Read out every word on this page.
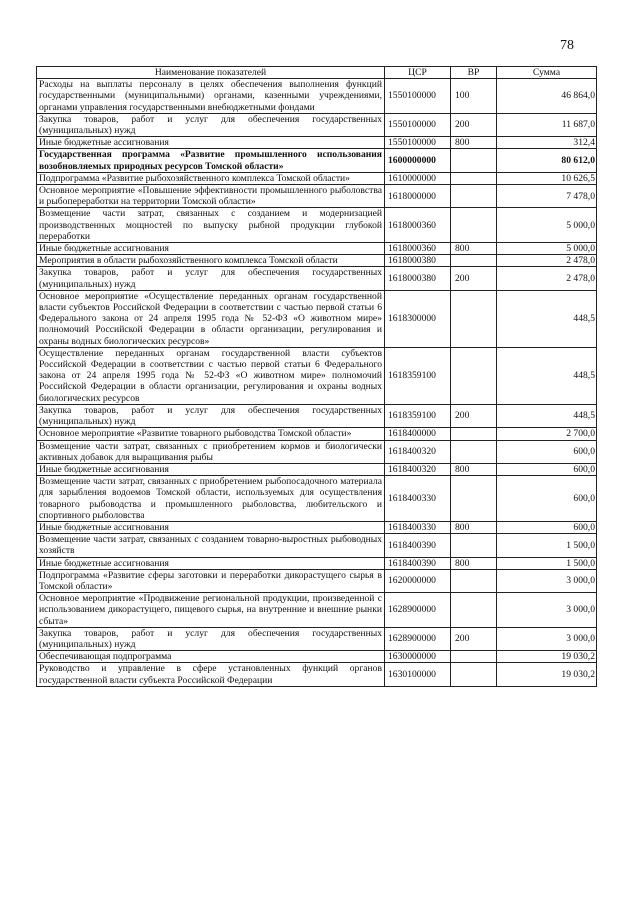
78
Наименование показателей	ЦСР	ВР	Сумма
Расходы на выплаты персоналу в целях обеспечения выполнения функций государственными (муниципальными) органами, казенными учреждениями, органами управления государственными внебюджетными фондами	1550100000	100	46 864,0
Закупка товаров, работ и услуг для обеспечения государственных (муниципальных) нужд	1550100000	200	11 687,0
Иные бюджетные ассигнования	1550100000	800	312,4
Государственная программа «Развитие промышленного использования возобновляемых природных ресурсов Томской области»	1600000000		80 612,0
Подпрограмма «Развитие рыбохозяйственного комплекса Томской области»	1610000000		10 626,5
Основное мероприятие «Повышение эффективности промышленного рыболовства и рыбопереработки на территории Томской области»	1618000000		7 478,0
Возмещение части затрат, связанных с созданием и модернизацией производственных мощностей по выпуску рыбной продукции глубокой переработки	1618000360		5 000,0
Иные бюджетные ассигнования	1618000360	800	5 000,0
Мероприятия в области рыбохозяйственного комплекса Томской области	1618000380		2 478,0
Закупка товаров, работ и услуг для обеспечения государственных (муниципальных) нужд	1618000380	200	2 478,0
Основное мероприятие «Осуществление переданных органам государственной власти субъектов Российской Федерации в соответствии с частью первой статьи 6 Федерального закона от 24 апреля 1995 года № 52-ФЗ «О животном мире» полномочий Российской Федерации в области организации, регулирования и охраны водных биологических ресурсов»	1618300000		448,5
Осуществление переданных органам государственной власти субъектов Российской Федерации в соответствии с частью первой статьи 6 Федерального закона от 24 апреля 1995 года № 52-ФЗ «О животном мире» полномочий Российской Федерации в области организации, регулирования и охраны водных биологических ресурсов	1618359100		448,5
Закупка товаров, работ и услуг для обеспечения государственных (муниципальных) нужд	1618359100	200	448,5
Основное мероприятие «Развитие товарного рыбоводства Томской области»	1618400000		2 700,0
Возмещение части затрат, связанных с приобретением кормов и биологически активных добавок для выращивания рыбы	1618400320		600,0
Иные бюджетные ассигнования	1618400320	800	600,0
Возмещение части затрат, связанных с приобретением рыбопосадочного материала для зарыбления водоемов Томской области, используемых для осуществления товарного рыбоводства и промышленного рыболовства, любительского и спортивного рыболовства	1618400330		600,0
Иные бюджетные ассигнования	1618400330	800	600,0
Возмещение части затрат, связанных с созданием товарно-выростных рыбоводных хозяйств	1618400390		1 500,0
Иные бюджетные ассигнования	1618400390	800	1 500,0
Подпрограмма «Развитие сферы заготовки и переработки дикорастущего сырья в Томской области»	1620000000		3 000,0
Основное мероприятие «Продвижение региональной продукции, произведенной с использованием дикорастущего, пищевого сырья, на внутренние и внешние рынки сбыта»	1628900000		3 000,0
Закупка товаров, работ и услуг для обеспечения государственных (муниципальных) нужд	1628900000	200	3 000,0
Обеспечивающая подпрограмма	1630000000		19 030,2
Руководство и управление в сфере установленных функций органов государственной власти субъекта Российской Федерации	1630100000		19 030,2
